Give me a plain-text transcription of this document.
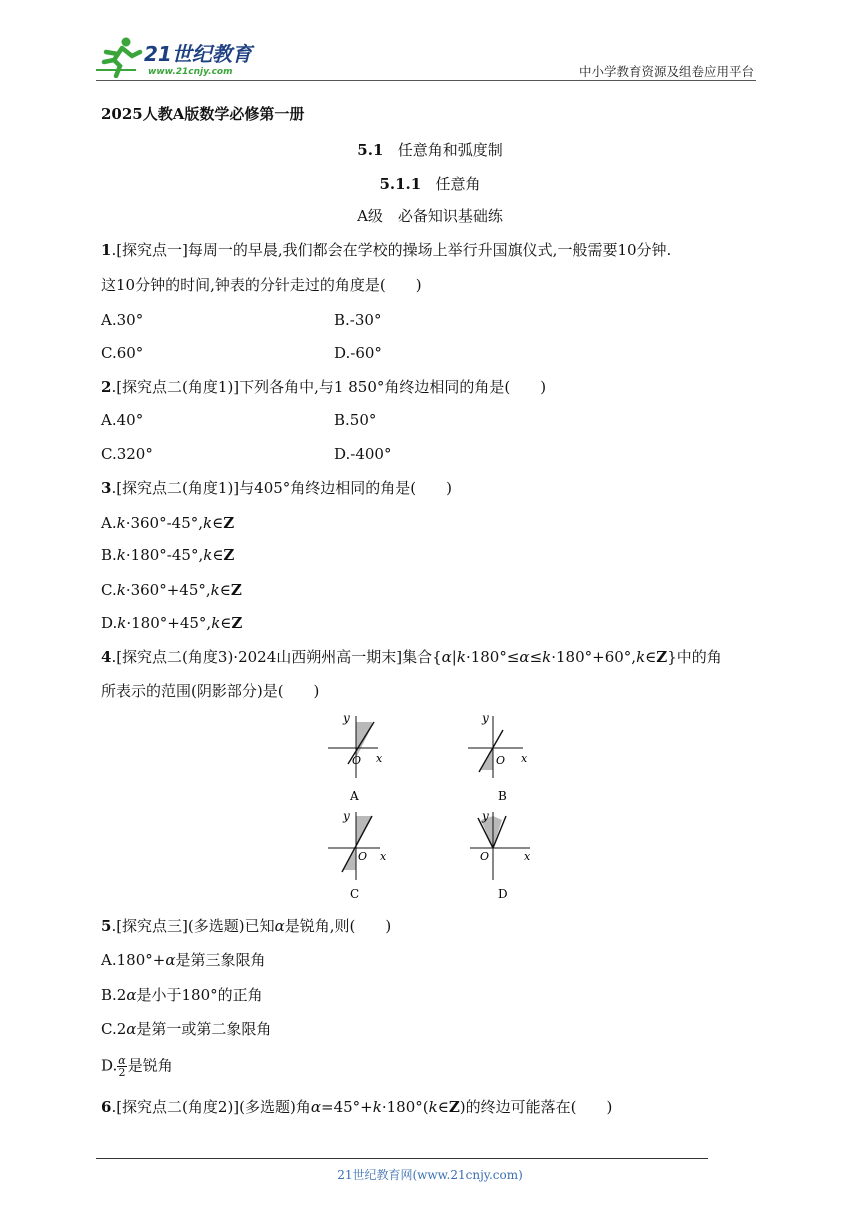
21世纪教育
www.21cnjy.com	中小学教育资源及组卷应用平台
2025人教A版数学必修第一册
5.1 任意角和弧度制
5.1.1 任意角
A级　必备知识基础练
1.[探究点一]每周一的早晨,我们都会在学校的操场上举行升国旗仪式,一般需要10分钟.
这10分钟的时间,钟表的分针走过的角度是(　　)
A.30°	B.-30°
C.60°	D.-60°
2.[探究点二(角度1)]下列各角中,与1 850°角终边相同的角是(　　)
A.40°	B.50°
C.320°	D.-400°
3.[探究点二(角度1)]与405°角终边相同的角是(　　)
A.k·360°-45°,k∈Z
B.k·180°-45°,k∈Z
C.k·360°+45°,k∈Z
D.k·180°+45°,k∈Z
4.[探究点二(角度3)·2024山西朔州高一期末]集合{α|k·180°≤α≤k·180°+60°,k∈Z}中的角
所表示的范围(阴影部分)是(　　)
y
O x
A
y
O x
B
y
O x
C
y
O	x
D
5.[探究点三](多选题)已知α是锐角,则(　　)
A.180°+α是第三象限角
B.2α是小于180°的正角
C.2α是第一或第二象限角
D. $\frac{\alpha}{2}$ 是锐角
6.[探究点二(角度2)](多选题)角α=45°+k·180°(k∈Z)的终边可能落在(　　)
21世纪教育网(www.21cnjy.com)
